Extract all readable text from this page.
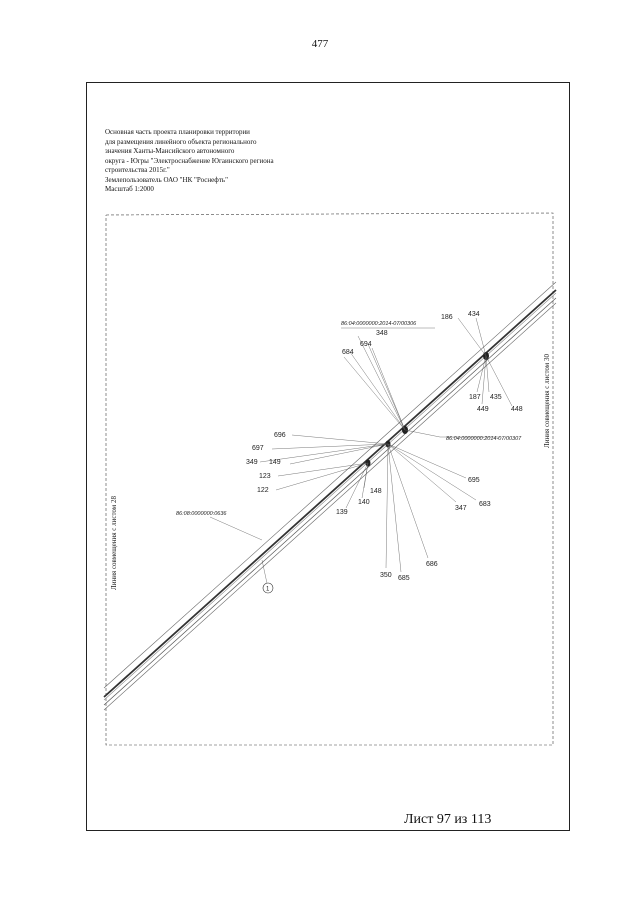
477
Основная часть проекта планировки территории
для размещения линейного объекта регионального
значения Ханты-Мансийского автономного
округа - Югры "Электроснабжение Югаинского региона
строительства 2015г."
Землепользователь ОАО "НК "Роснефть"
Масштаб 1:2000
1
86:04:0000000:2014-07/00306
86:04:0000000:2014-07/00307
86:08:0000000:0636
186 434
348
684
694
187 435
449	448
696
697
349 149
123
122	148
140
139
695
347
683
350 685
686
Линия совмещения с листом 28
Линия совмещения с листом 30
Лист 97 из 113
